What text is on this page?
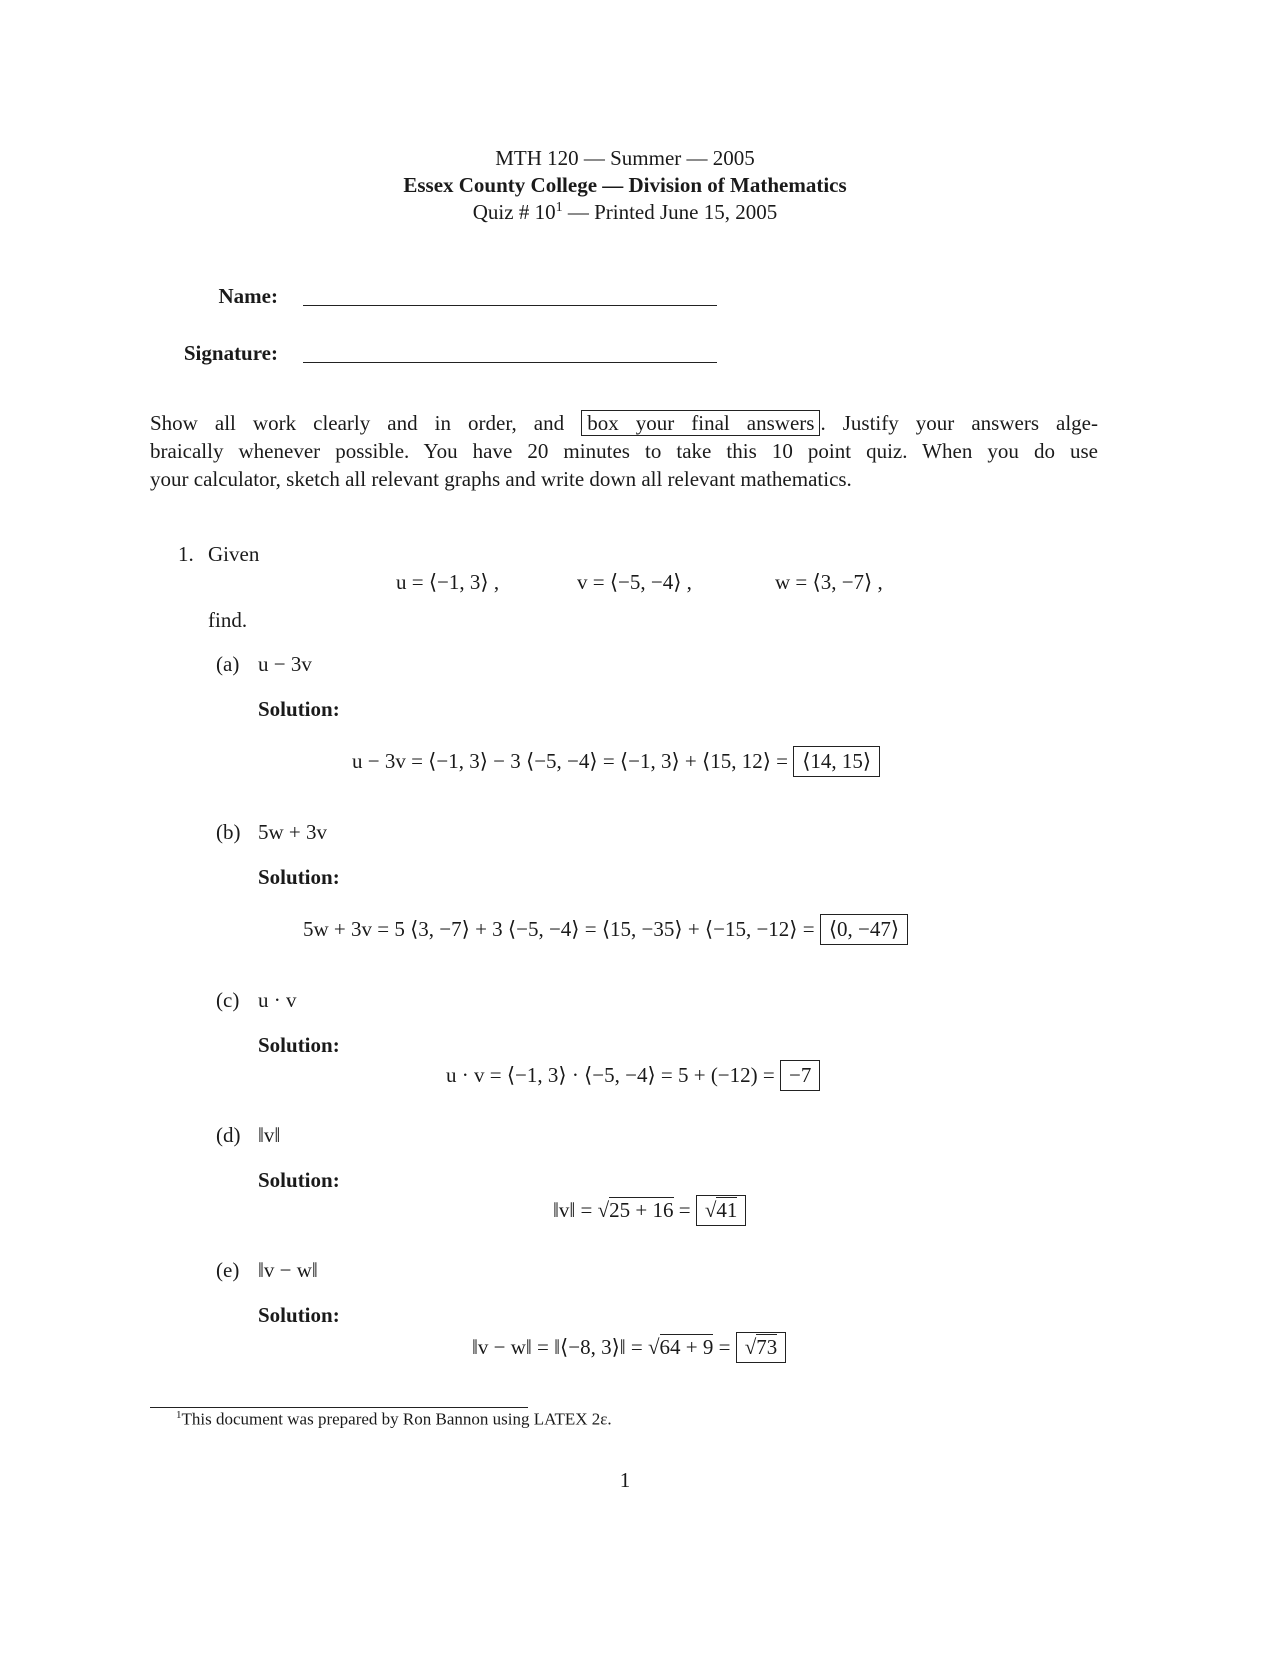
MTH 120 — Summer — 2005
Essex County College — Division of Mathematics
Quiz # $10^1$ — Printed June 15, 2005
Name:
Signature:
Show all work clearly and in order, and box your final answers . Justify your answers alge-
braically whenever possible. You have 20 minutes to take this 10 point quiz. When you do use
your calculator, sketch all relevant graphs and write down all relevant mathematics.
1. Given
u = ⟨−1, 3⟩ ,	v = ⟨−5, −4⟩ ,	w = ⟨3, −7⟩ ,
find.
(a) u − 3v
Solution:
u − 3v = ⟨−1, 3⟩ − 3 ⟨−5, −4⟩ = ⟨−1, 3⟩ + ⟨15, 12⟩ = ⟨14, 15⟩
(b) 5w + 3v
Solution:
5w + 3v = 5 ⟨3, −7⟩ + 3 ⟨−5, −4⟩ = ⟨15, −35⟩ + ⟨−15, −12⟩ = ⟨0, −47⟩
(c) u · v
Solution:
u · v = ⟨−1, 3⟩ · ⟨−5, −4⟩ = 5 + (−12) = −7
(d) ‖v‖
Solution:
‖v‖ = √25 + 16 = √41
(e) ‖v − w‖
Solution:
‖v − w‖ = ‖⟨−8, 3⟩‖ = √64 + 9 = √73
$^1$This document was prepared by Ron Bannon using LATEX 2ε.
1
